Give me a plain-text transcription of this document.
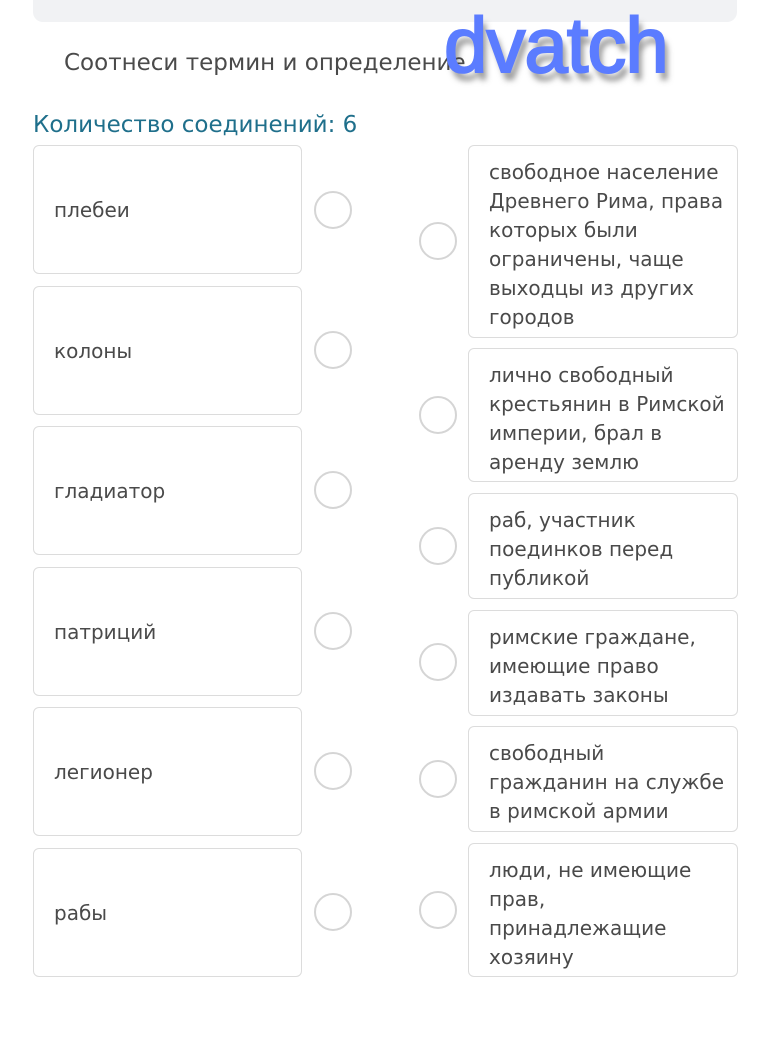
Соотнеси термин и определение
dvatch
Количество соединений: 6
плебеи
колоны
гладиатор
патриций
легионер
рабы
свободное население Древнего Рима, права которых были ограничены, чаще выходцы из других городов
лично свободный крестьянин в Римской империи, брал в аренду землю
раб, участник поединков перед публикой
римские граждане, имеющие право издавать законы
свободный гражданин на службе в римской армии
люди, не имеющие прав, принадлежащие хозяину
